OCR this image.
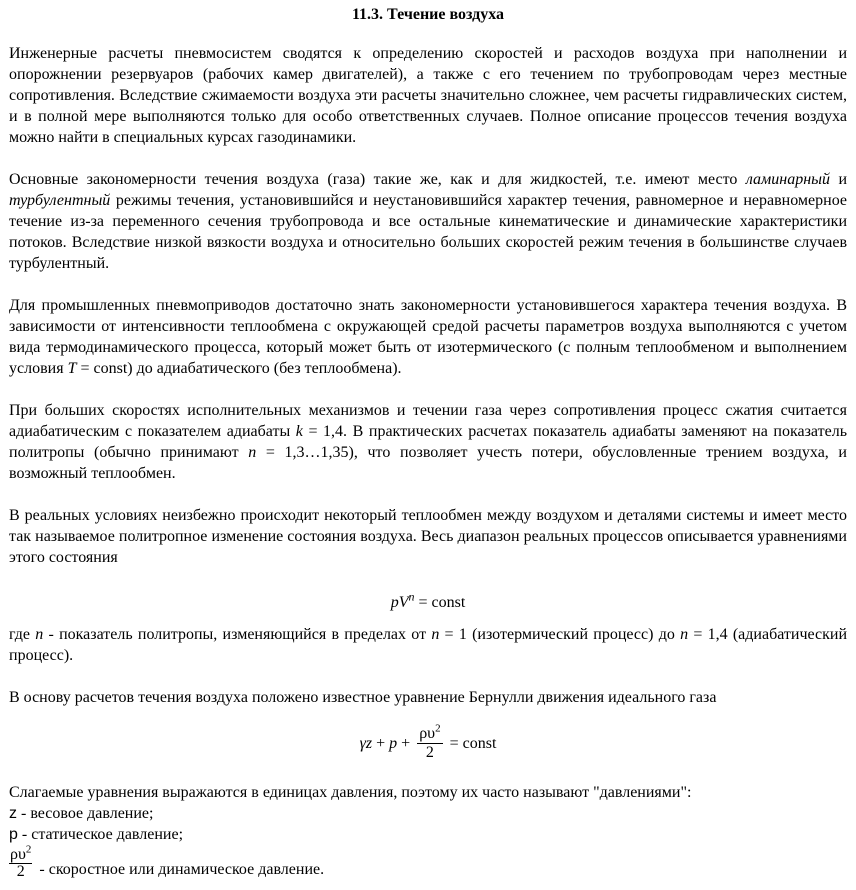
11.3. Течение воздуха

Инженерные расчеты пневмосистем сводятся к определению скоростей и расходов воздуха при наполнении и опорожнении резервуаров (рабочих камер двигателей), а также с его течением по трубопроводам через местные сопротивления. Вследствие сжимаемости воздуха эти расчеты значительно сложнее, чем расчеты гидравлических систем, и в полной мере выполняются только для особо ответственных случаев. Полное описание процессов течения воздуха можно найти в специальных курсах газодинамики.

Основные закономерности течения воздуха (газа) такие же, как и для жидкостей, т.е. имеют место ламинарный и турбулентный режимы течения, установившийся и неустановившийся характер течения, равномерное и неравномерное течение из-за переменного сечения трубопровода и все остальные кинематические и динамические характеристики потоков. Вследствие низкой вязкости воздуха и относительно больших скоростей режим течения в большинстве случаев турбулентный.

Для промышленных пневмоприводов достаточно знать закономерности установившегося характера течения воздуха. В зависимости от интенсивности теплообмена с окружающей средой расчеты параметров воздуха выполняются с учетом вида термодинамического процесса, который может быть от изотермического (с полным теплообменом и выполнением условия T = const) до адиабатического (без теплообмена).

При больших скоростях исполнительных механизмов и течении газа через сопротивления процесс сжатия считается адиабатическим с показателем адиабаты k = 1,4. В практических расчетах показатель адиабаты заменяют на показатель политропы (обычно принимают n = 1,3…1,35), что позволяет учесть потери, обусловленные трением воздуха, и возможный теплообмен.

В реальных условиях неизбежно происходит некоторый теплообмен между воздухом и деталями системы и имеет место так называемое политропное изменение состояния воздуха. Весь диапазон реальных процессов описывается уравнениями этого состояния

$pV^n$ = const

где n - показатель политропы, изменяющийся в пределах от n = 1 (изотермический процесс) до n = 1,4 (адиабатический процесс).

В основу расчетов течения воздуха положено известное уравнение Бернулли движения идеального газа

$\gamma z + p + \frac{\rho\upsilon^2}{2}$ = const

Слагаемые уравнения выражаются в единицах давления, поэтому их часто называют "давлениями":

z - весовое давление;
p - статическое давление;
$\frac{\rho\upsilon^2}{2}$ - скоростное или динамическое давление.
